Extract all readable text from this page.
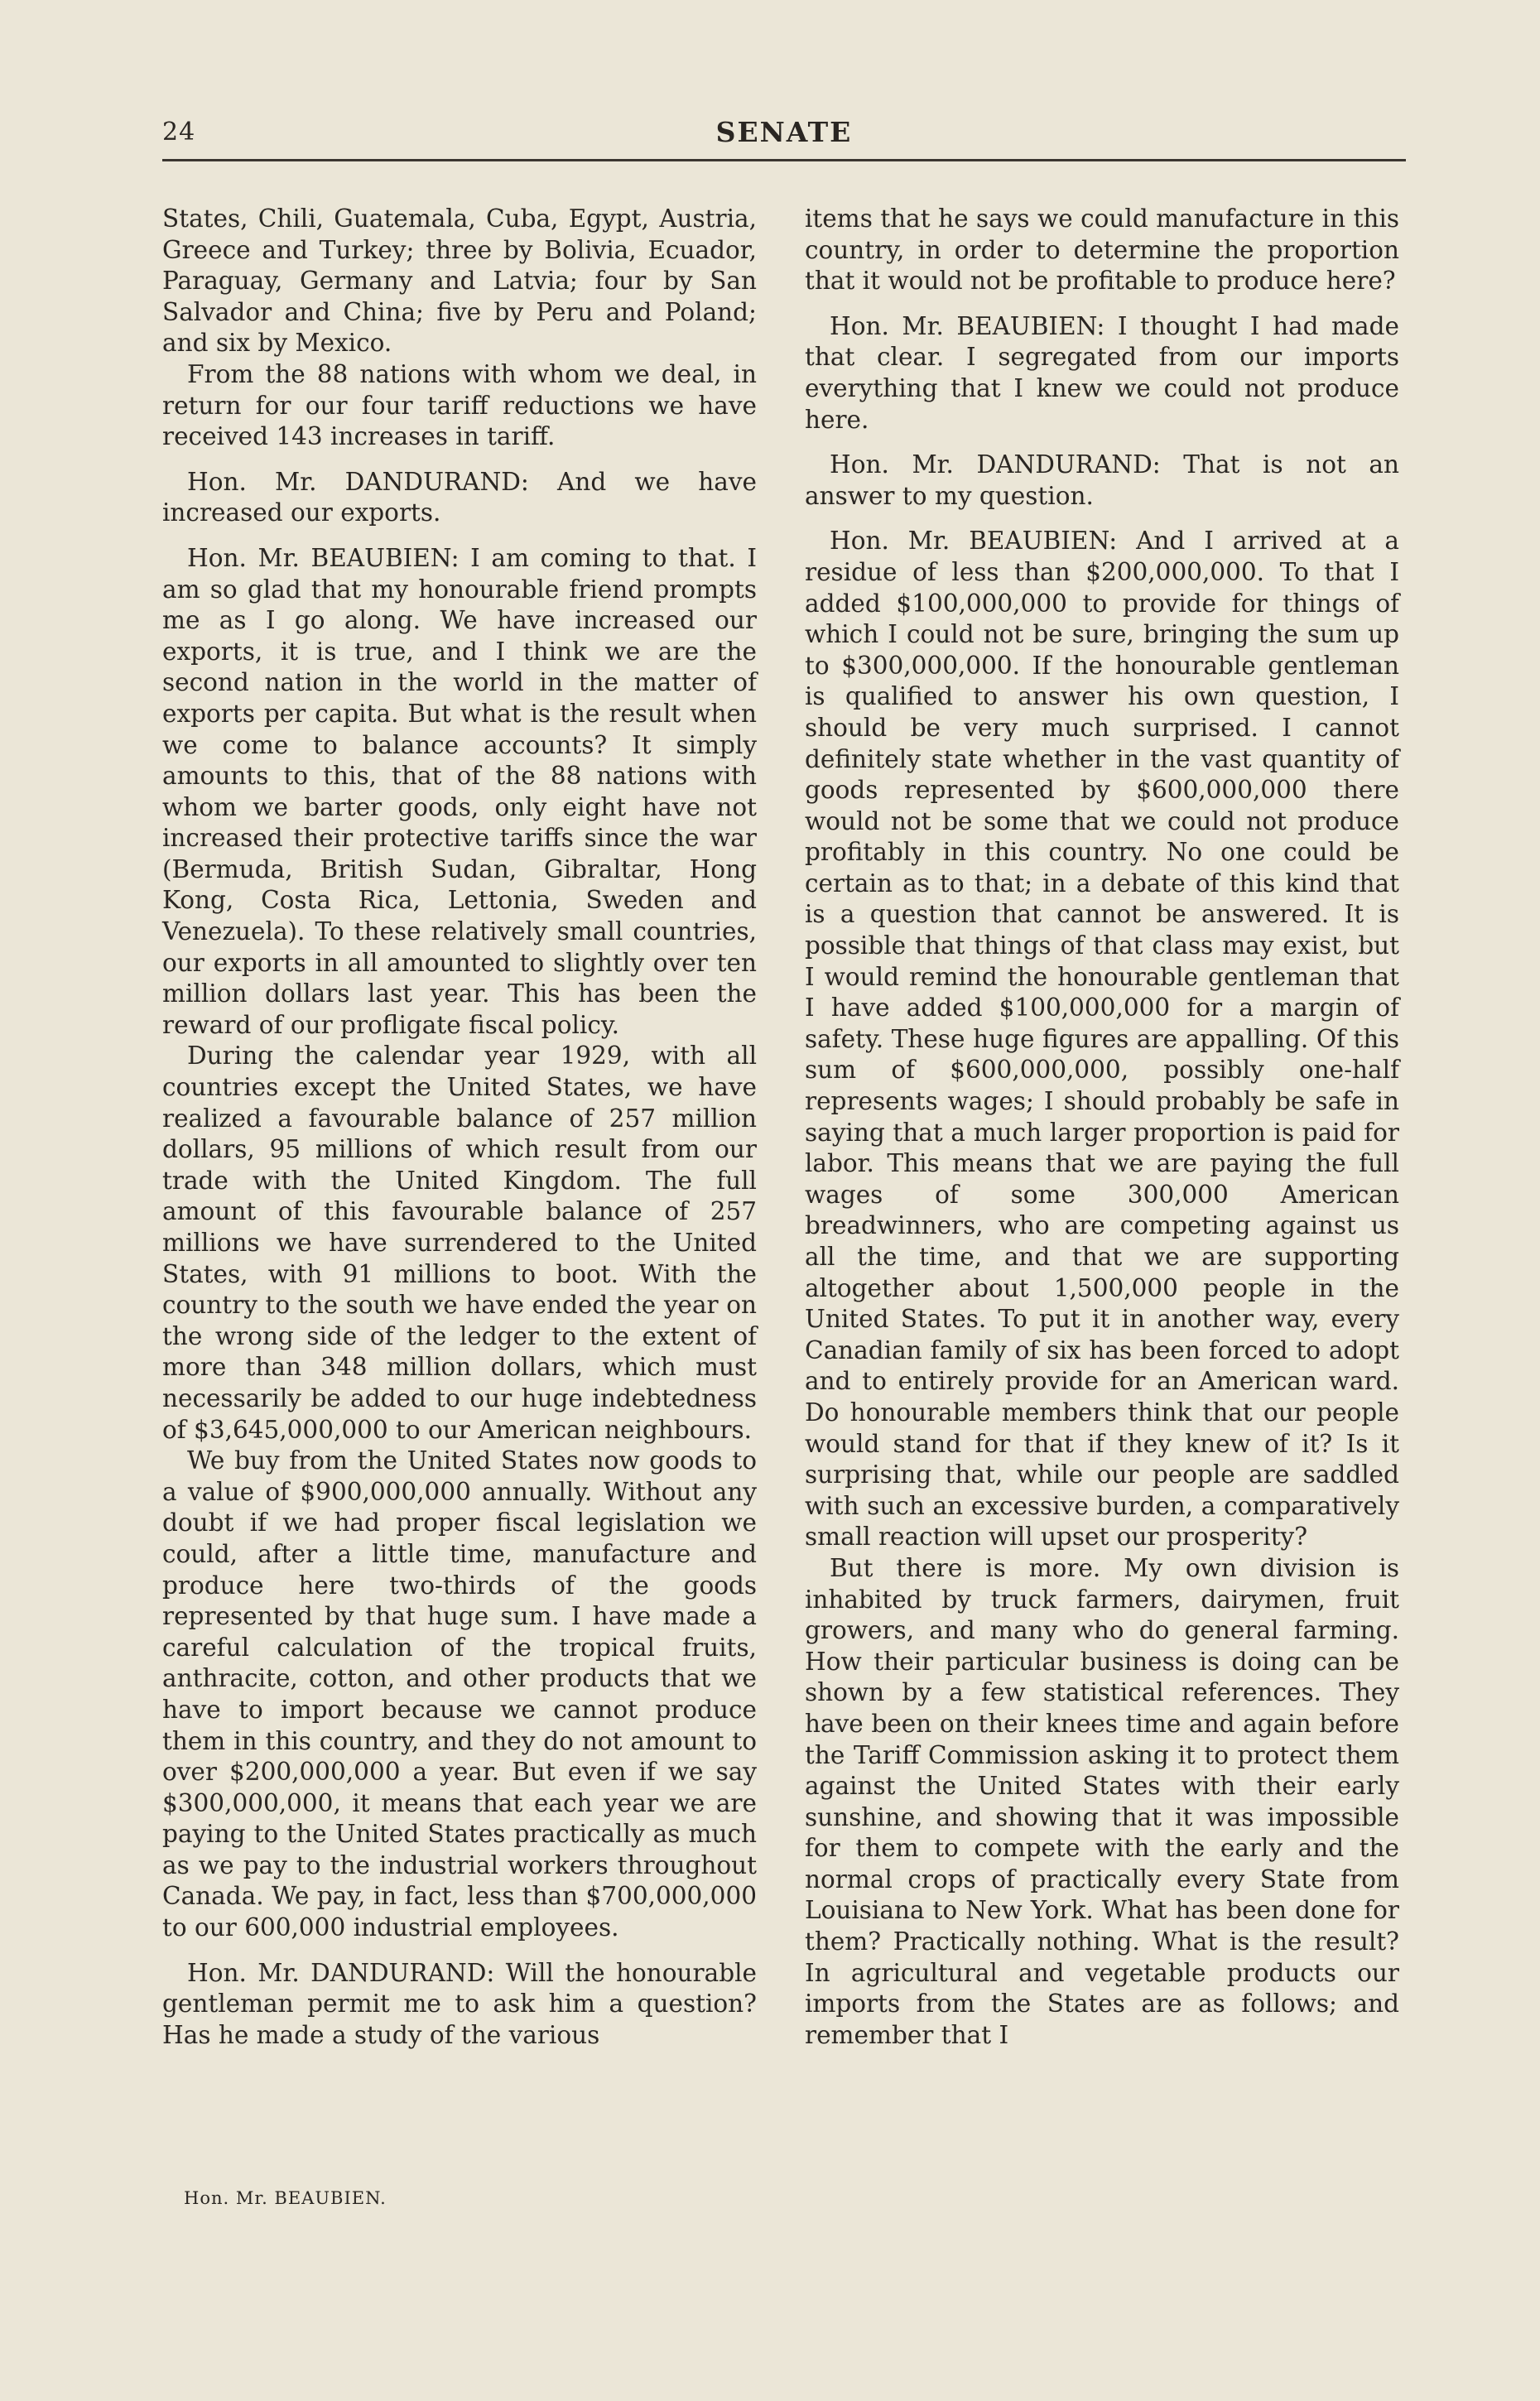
24	SENATE

States, Chili, Guatemala, Cuba, Egypt, Austria, Greece and Turkey; three by Bolivia, Ecuador, Paraguay, Germany and Latvia; four by San Salvador and China; five by Peru and Poland; and six by Mexico.

From the 88 nations with whom we deal, in return for our four tariff reductions we have received 143 increases in tariff.

Hon. Mr. DANDURAND: And we have increased our exports.

Hon. Mr. BEAUBIEN: I am coming to that. I am so glad that my honourable friend prompts me as I go along. We have increased our exports, it is true, and I think we are the second nation in the world in the matter of exports per capita. But what is the result when we come to balance accounts? It simply amounts to this, that of the 88 nations with whom we barter goods, only eight have not increased their protective tariffs since the war (Bermuda, British Sudan, Gibraltar, Hong Kong, Costa Rica, Lettonia, Sweden and Venezuela). To these relatively small countries, our exports in all amounted to slightly over ten million dollars last year. This has been the reward of our profligate fiscal policy.

During the calendar year 1929, with all countries except the United States, we have realized a favourable balance of 257 million dollars, 95 millions of which result from our trade with the United Kingdom. The full amount of this favourable balance of 257 millions we have surrendered to the United States, with 91 millions to boot. With the country to the south we have ended the year on the wrong side of the ledger to the extent of more than 348 million dollars, which must necessarily be added to our huge indebtedness of $3,645,000,000 to our American neighbours.

We buy from the United States now goods to a value of $900,000,000 annually. Without any doubt if we had proper fiscal legislation we could, after a little time, manufacture and produce here two-thirds of the goods represented by that huge sum. I have made a careful calculation of the tropical fruits, anthracite, cotton, and other products that we have to import because we cannot produce them in this country, and they do not amount to over $200,000,000 a year. But even if we say $300,000,000, it means that each year we are paying to the United States practically as much as we pay to the industrial workers throughout Canada. We pay, in fact, less than $700,000,000 to our 600,000 industrial employees.

Hon. Mr. DANDURAND: Will the honourable gentleman permit me to ask him a question? Has he made a study of the various

items that he says we could manufacture in this country, in order to determine the proportion that it would not be profitable to produce here?

Hon. Mr. BEAUBIEN: I thought I had made that clear. I segregated from our imports everything that I knew we could not produce here.

Hon. Mr. DANDURAND: That is not an answer to my question.

Hon. Mr. BEAUBIEN: And I arrived at a residue of less than $200,000,000. To that I added $100,000,000 to provide for things of which I could not be sure, bringing the sum up to $300,000,000. If the honourable gentleman is qualified to answer his own question, I should be very much surprised. I cannot definitely state whether in the vast quantity of goods represented by $600,000,000 there would not be some that we could not produce profitably in this country. No one could be certain as to that; in a debate of this kind that is a question that cannot be answered. It is possible that things of that class may exist, but I would remind the honourable gentleman that I have added $100,000,000 for a margin of safety. These huge figures are appalling. Of this sum of $600,000,000, possibly one-half represents wages; I should probably be safe in saying that a much larger proportion is paid for labor. This means that we are paying the full wages of some 300,000 American breadwinners, who are competing against us all the time, and that we are supporting altogether about 1,500,000 people in the United States. To put it in another way, every Canadian family of six has been forced to adopt and to entirely provide for an American ward. Do honourable members think that our people would stand for that if they knew of it? Is it surprising that, while our people are saddled with such an excessive burden, a comparatively small reaction will upset our prosperity?

But there is more. My own division is inhabited by truck farmers, dairymen, fruit growers, and many who do general farming. How their particular business is doing can be shown by a few statistical references. They have been on their knees time and again before the Tariff Commission asking it to protect them against the United States with their early sunshine, and showing that it was impossible for them to compete with the early and the normal crops of practically every State from Louisiana to New York. What has been done for them? Practically nothing. What is the result? In agricultural and vegetable products our imports from the States are as follows; and remember that I

Hon. Mr. BEAUBIEN.
